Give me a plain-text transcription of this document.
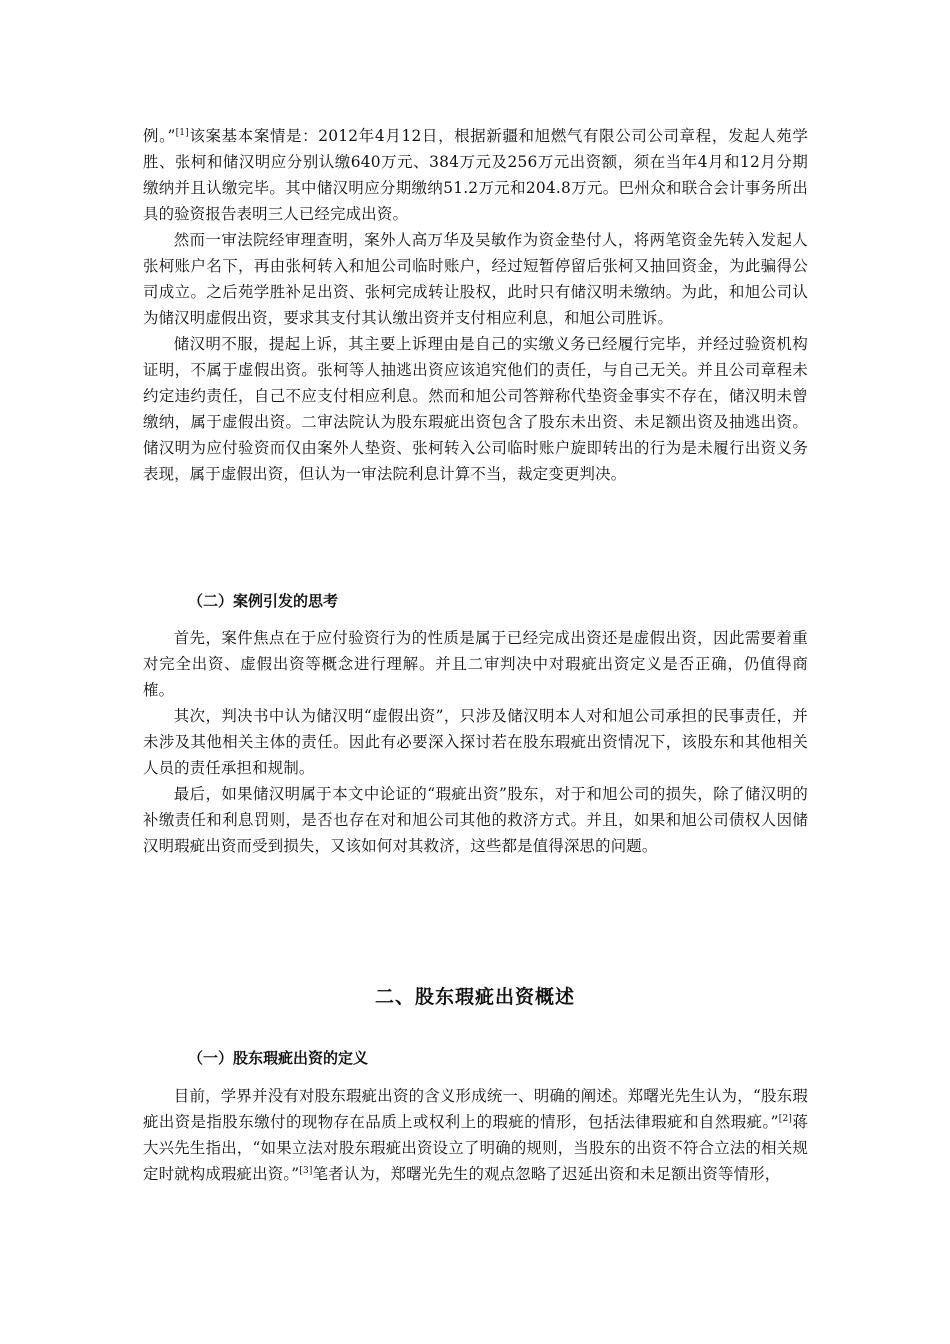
例。”[1]该案基本案情是：2012年4月12日，根据新疆和旭燃气有限公司公司章程，发起人苑学胜、张柯和储汉明应分别认缴640万元、384万元及256万元出资额，须在当年4月和12月分期缴纳并且认缴完毕。其中储汉明应分期缴纳51.2万元和204.8万元。巴州众和联合会计事务所出具的验资报告表明三人已经完成出资。

然而一审法院经审理查明，案外人高万华及吴敏作为资金垫付人，将两笔资金先转入发起人张柯账户名下，再由张柯转入和旭公司临时账户，经过短暂停留后张柯又抽回资金，为此骗得公司成立。之后苑学胜补足出资、张柯完成转让股权，此时只有储汉明未缴纳。为此，和旭公司认为储汉明虚假出资，要求其支付其认缴出资并支付相应利息，和旭公司胜诉。

储汉明不服，提起上诉，其主要上诉理由是自己的实缴义务已经履行完毕，并经过验资机构证明，不属于虚假出资。张柯等人抽逃出资应该追究他们的责任，与自己无关。并且公司章程未约定违约责任，自己不应支付相应利息。然而和旭公司答辩称代垫资金事实不存在，储汉明未曾缴纳，属于虚假出资。二审法院认为股东瑕疵出资包含了股东未出资、未足额出资及抽逃出资。储汉明为应付验资而仅由案外人垫资、张柯转入公司临时账户旋即转出的行为是未履行出资义务表现，属于虚假出资，但认为一审法院利息计算不当，裁定变更判决。

（二）案例引发的思考

首先，案件焦点在于应付验资行为的性质是属于已经完成出资还是虚假出资，因此需要着重对完全出资、虚假出资等概念进行理解。并且二审判决中对瑕疵出资定义是否正确，仍值得商榷。

其次，判决书中认为储汉明“虚假出资”，只涉及储汉明本人对和旭公司承担的民事责任，并未涉及其他相关主体的责任。因此有必要深入探讨若在股东瑕疵出资情况下，该股东和其他相关人员的责任承担和规制。

最后，如果储汉明属于本文中论证的“瑕疵出资”股东，对于和旭公司的损失，除了储汉明的补缴责任和利息罚则，是否也存在对和旭公司其他的救济方式。并且，如果和旭公司债权人因储汉明瑕疵出资而受到损失，又该如何对其救济，这些都是值得深思的问题。

二、股东瑕疵出资概述
（一）股东瑕疵出资的定义

目前，学界并没有对股东瑕疵出资的含义形成统一、明确的阐述。郑曙光先生认为，“股东瑕疵出资是指股东缴付的现物存在品质上或权利上的瑕疵的情形，包括法律瑕疵和自然瑕疵。”[2]蒋大兴先生指出，“如果立法对股东瑕疵出资设立了明确的规则，当股东的出资不符合立法的相关规定时就构成瑕疵出资。”[3]笔者认为，郑曙光先生的观点忽略了迟延出资和未足额出资等情形，
